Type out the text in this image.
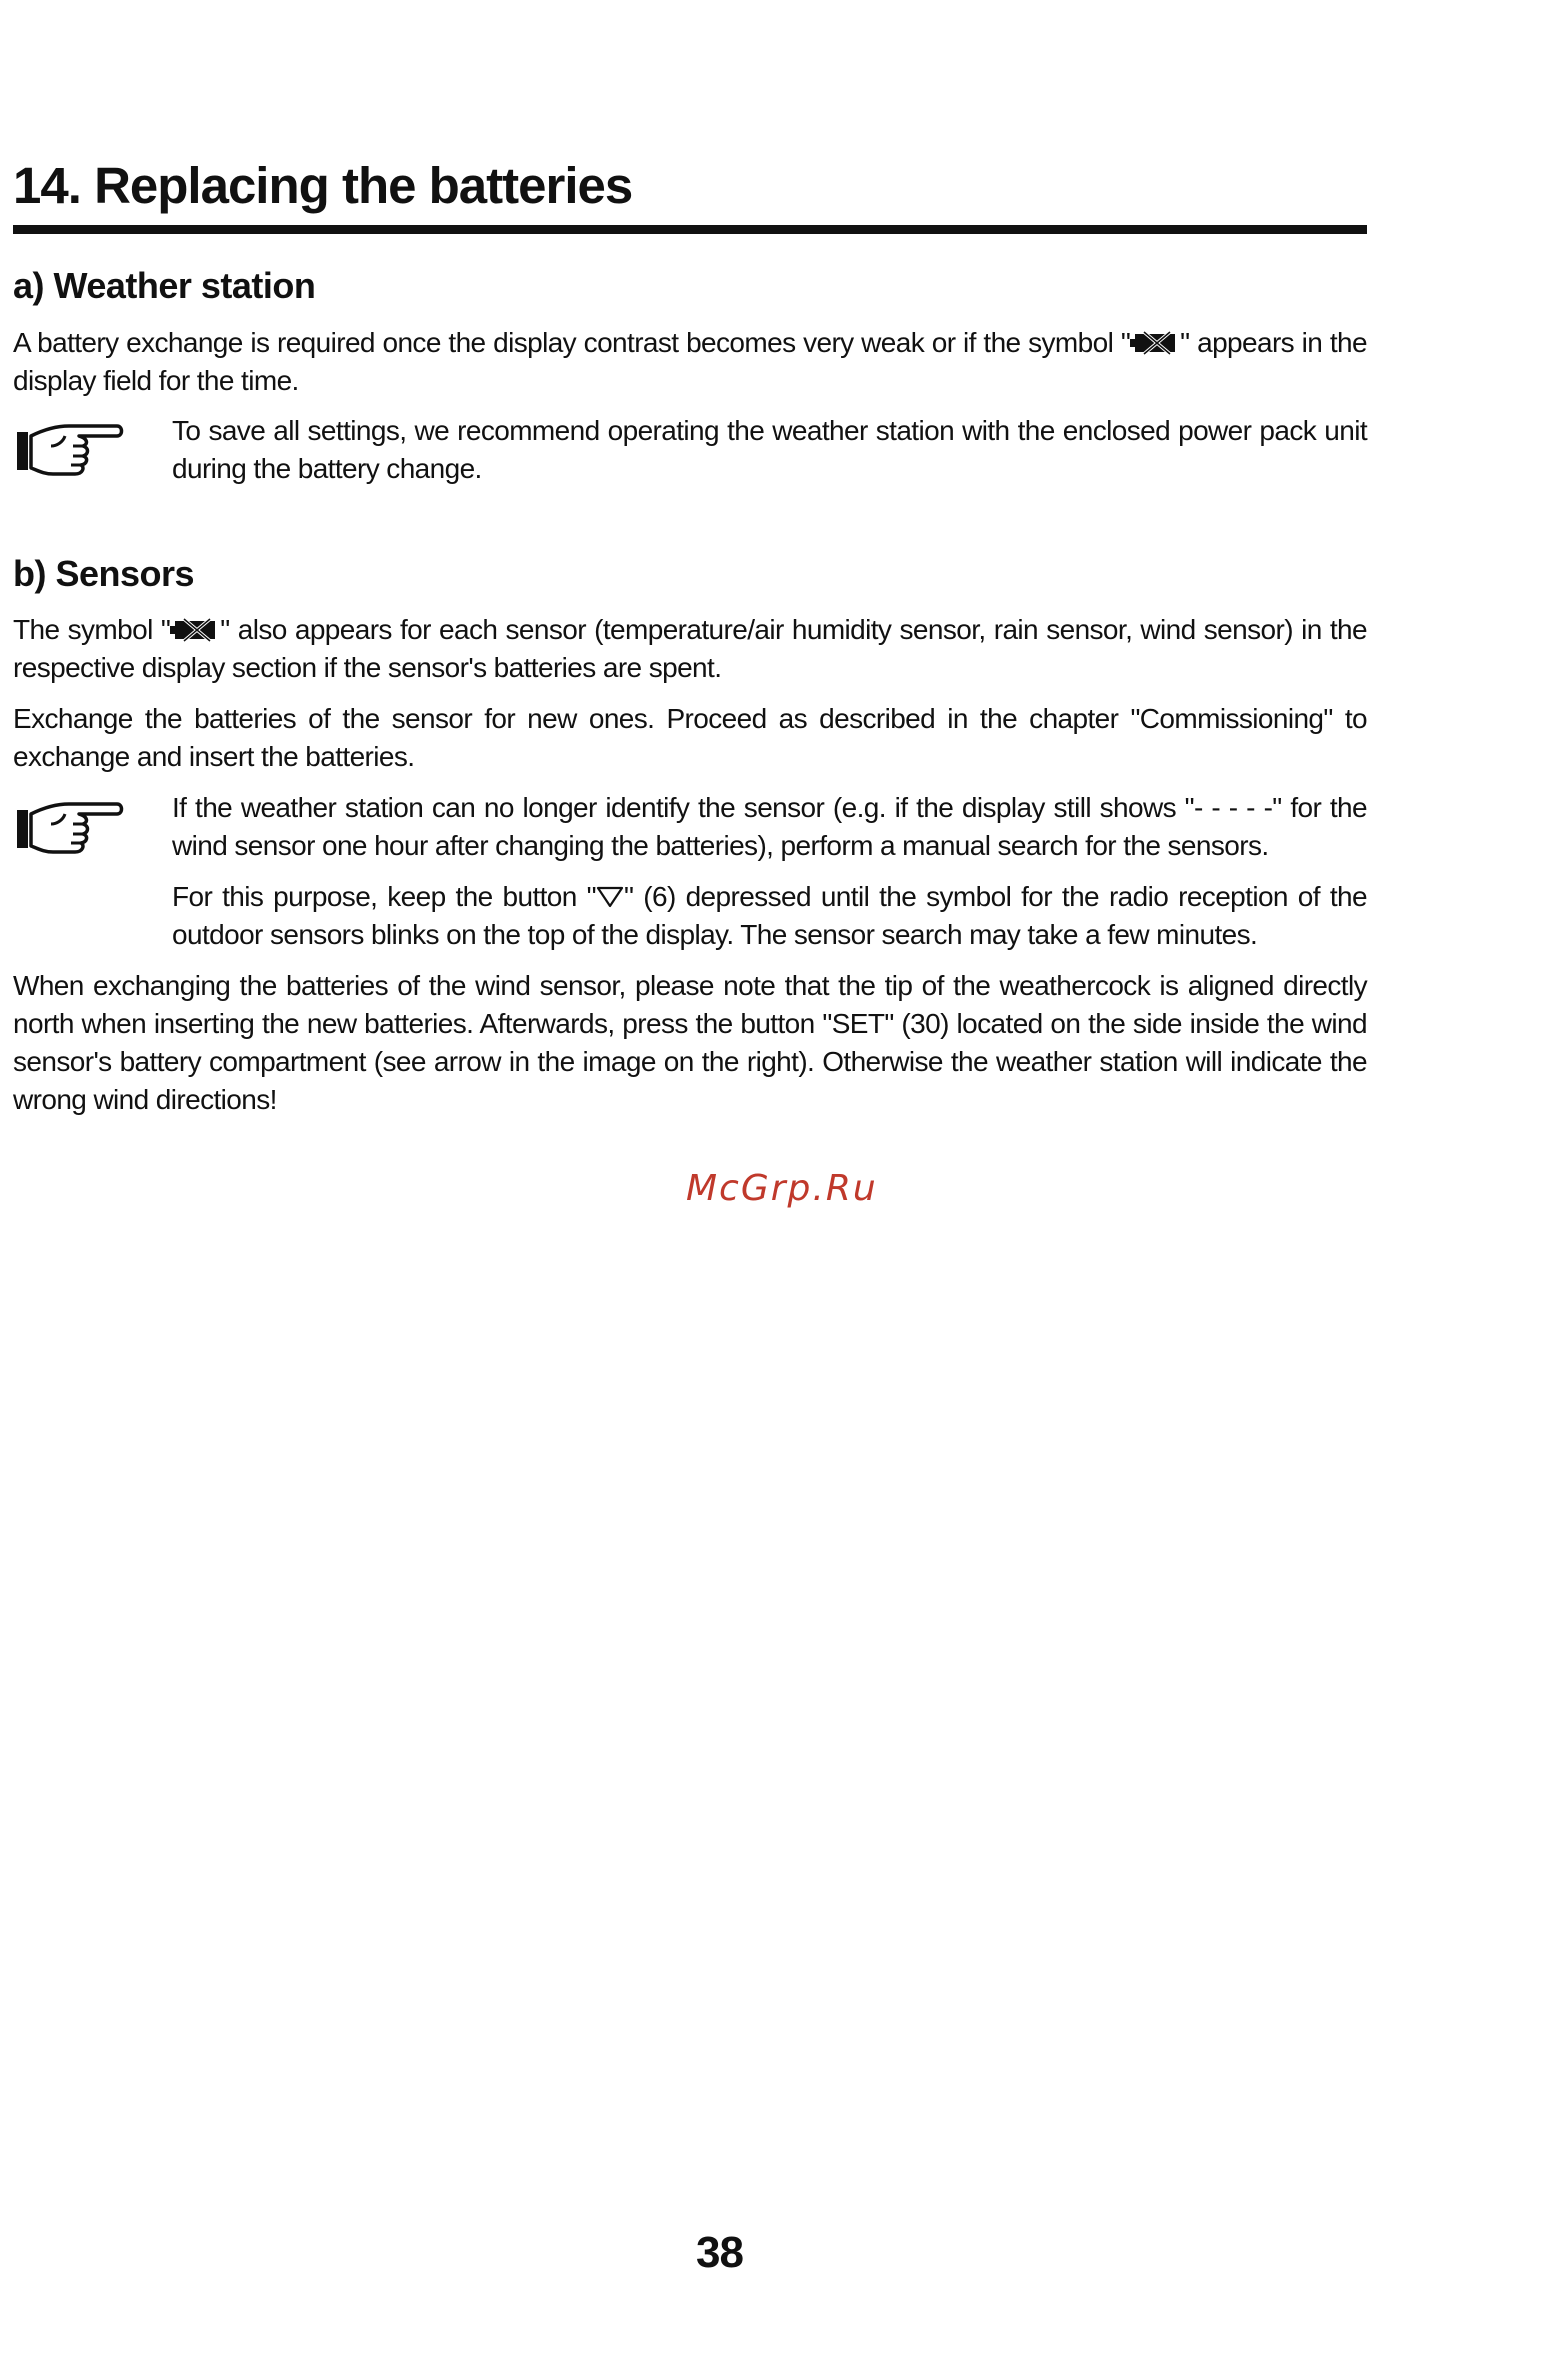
14. Replacing the batteries
a) Weather station

A battery exchange is required once the display contrast becomes very weak or if the symbol " " appears in the display field for the time.

To save all settings, we recommend operating the weather station with the enclosed power pack unit during the battery change.

b) Sensors

The symbol " " also appears for each sensor (temperature/air humidity sensor, rain sensor, wind sensor) in the respective display section if the sensor's batteries are spent.

Exchange the batteries of the sensor for new ones. Proceed as described in the chapter "Commissioning" to exchange and insert the batteries.

If the weather station can no longer identify the sensor (e.g. if the display still shows "- - - - -" for the wind sensor one hour after changing the batteries), perform a manual search for the sensors.

For this purpose, keep the button " " (6) depressed until the symbol for the radio reception of the outdoor sensors blinks on the top of the display. The sensor search may take a few minutes.

When exchanging the batteries of the wind sensor, please note that the tip of the weathercock is aligned directly north when inserting the new batteries. Afterwards, press the button "SET" (30) located on the side inside the wind sensor's battery compartment (see arrow in the image on the right). Otherwise the weather station will indicate the wrong wind directions!

McGrp.Ru
38
